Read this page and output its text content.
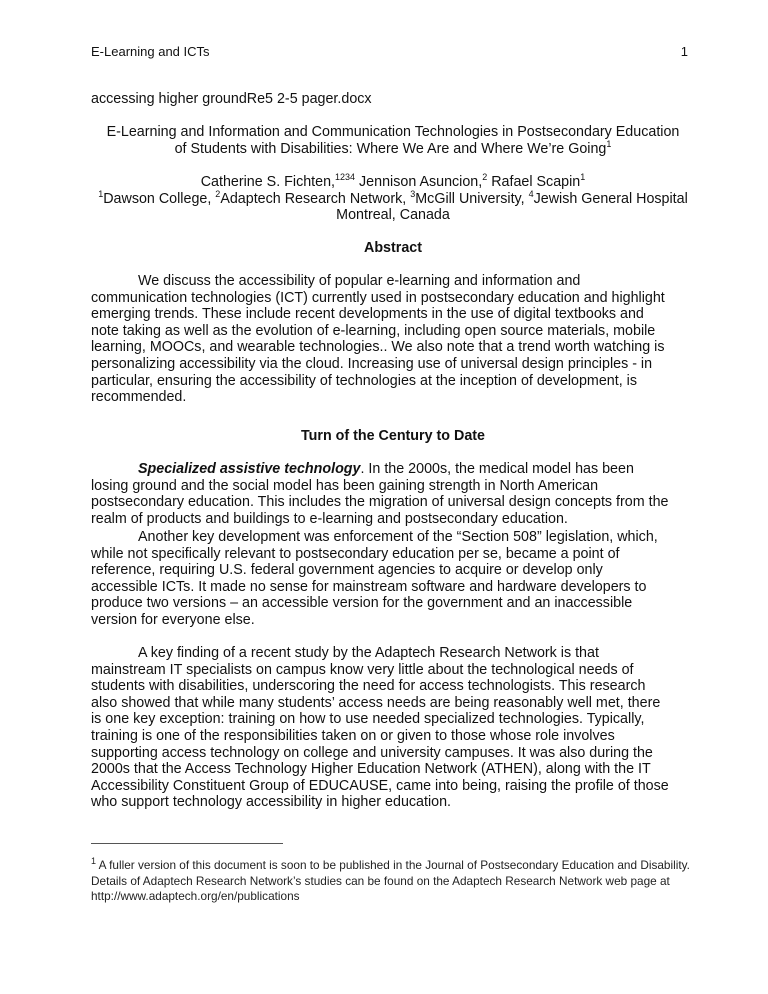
E-Learning and ICTs	1
accessing higher groundRe5 2-5 pager.docx
E-Learning and Information and Communication Technologies in Postsecondary Education
of Students with Disabilities: Where We Are and Where We’re Going$^1$
Catherine S. Fichten,$^{1234}$ Jennison Asuncion,$^2$ Rafael Scapin$^1$
$^1$Dawson College, $^2$Adaptech Research Network, $^3$McGill University, $^4$Jewish General Hospital
Montreal, Canada
Abstract
We discuss the accessibility of popular e-learning and information and
communication technologies (ICT) currently used in postsecondary education and highlight
emerging trends. These include recent developments in the use of digital textbooks and
note taking as well as the evolution of e-learning, including open source materials, mobile
learning, MOOCs, and wearable technologies.. We also note that a trend worth watching is
personalizing accessibility via the cloud. Increasing use of universal design principles - in
particular, ensuring the accessibility of technologies at the inception of development, is
recommended.
Turn of the Century to Date
Specialized assistive technology. In the 2000s, the medical model has been
losing ground and the social model has been gaining strength in North American
postsecondary education. This includes the migration of universal design concepts from the
realm of products and buildings to e-learning and postsecondary education.
Another key development was enforcement of the “Section 508” legislation, which,
while not specifically relevant to postsecondary education per se, became a point of
reference, requiring U.S. federal government agencies to acquire or develop only
accessible ICTs. It made no sense for mainstream software and hardware developers to
produce two versions – an accessible version for the government and an inaccessible
version for everyone else.
A key finding of a recent study by the Adaptech Research Network is that
mainstream IT specialists on campus know very little about the technological needs of
students with disabilities, underscoring the need for access technologists. This research
also showed that while many students’ access needs are being reasonably well met, there
is one key exception: training on how to use needed specialized technologies. Typically,
training is one of the responsibilities taken on or given to those whose role involves
supporting access technology on college and university campuses. It was also during the
2000s that the Access Technology Higher Education Network (ATHEN), along with the IT
Accessibility Constituent Group of EDUCAUSE, came into being, raising the profile of those
who support technology accessibility in higher education.
$^1$ A fuller version of this document is soon to be published in the Journal of Postsecondary Education and Disability.
Details of Adaptech Research Network’s studies can be found on the Adaptech Research Network web page at
http://www.adaptech.org/en/publications
